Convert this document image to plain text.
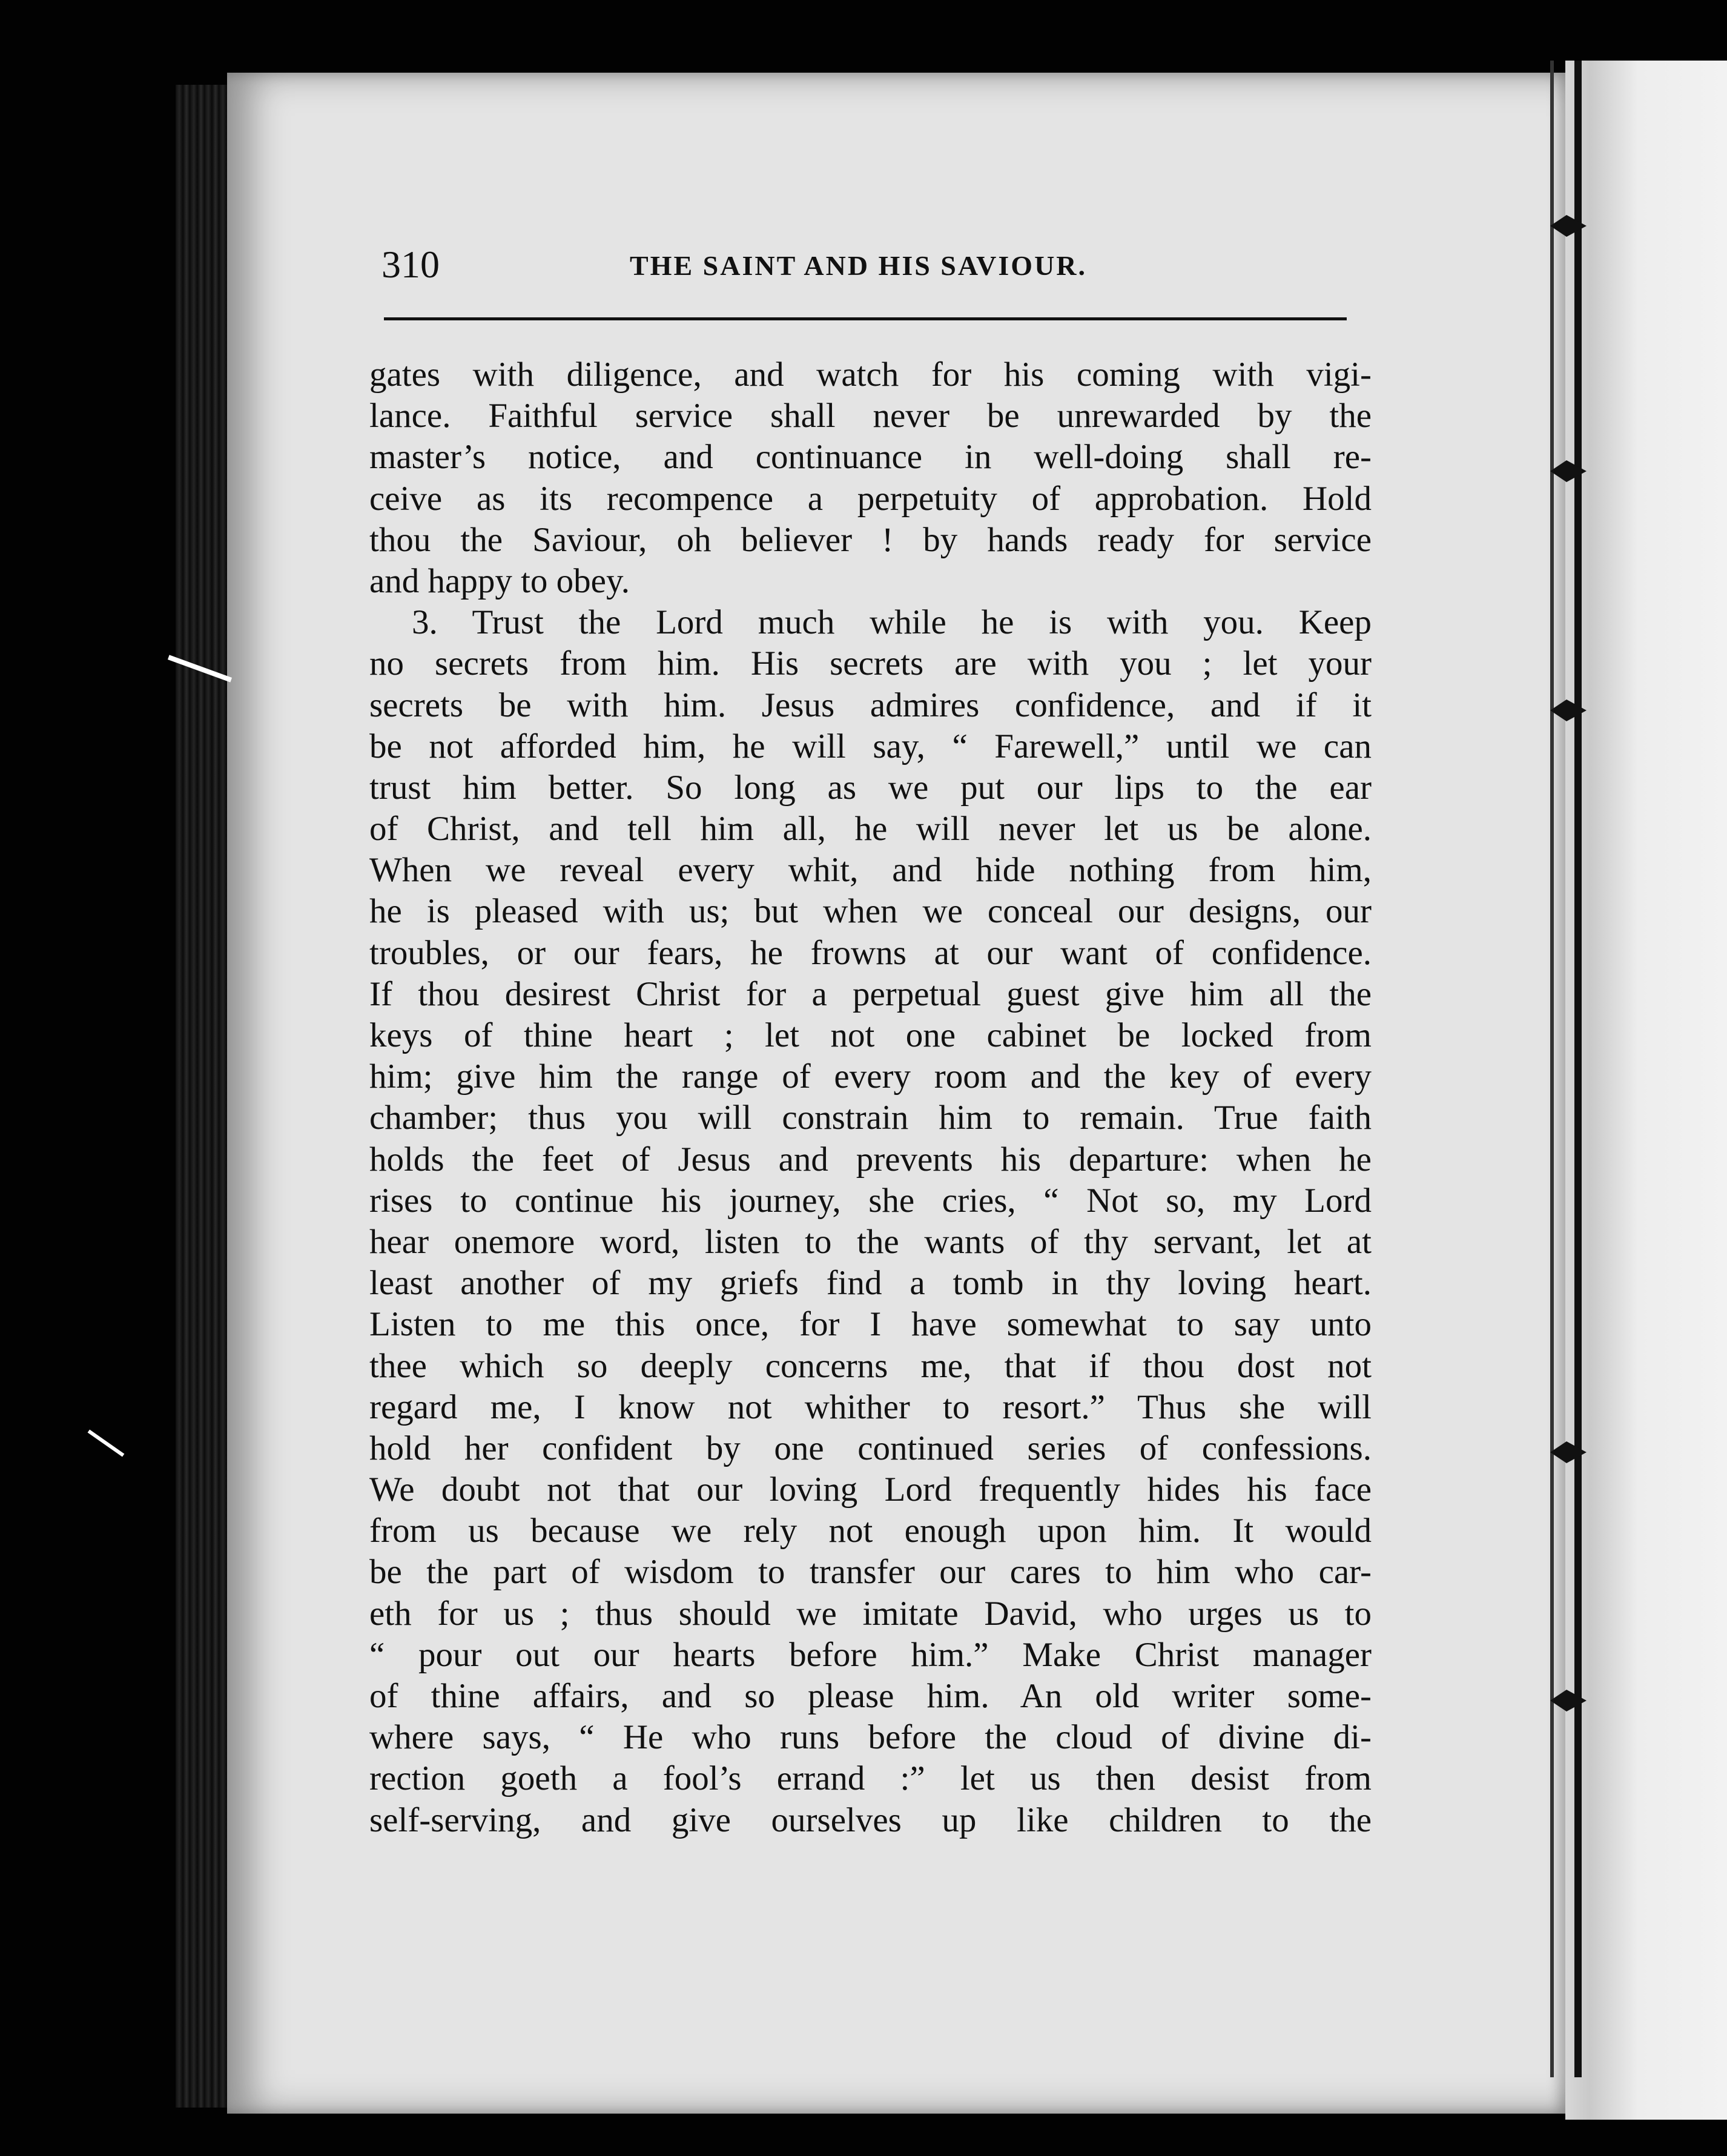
310	THE SAINT AND HIS SAVIOUR.
gates with diligence, and watch for his coming with vigi-
lance. Faithful service shall never be unrewarded by the
master’s notice, and continuance in well-doing shall re-
ceive as its recompence a perpetuity of approbation. Hold
thou the Saviour, oh believer ! by hands ready for service
and happy to obey.
3. Trust the Lord much while he is with you. Keep
no secrets from him. His secrets are with you ; let your
secrets be with him. Jesus admires confidence, and if it
be not afforded him, he will say, “ Farewell,” until we can
trust him better. So long as we put our lips to the ear
of Christ, and tell him all, he will never let us be alone.
When we reveal every whit, and hide nothing from him,
he is pleased with us; but when we conceal our designs, our
troubles, or our fears, he frowns at our want of confidence.
If thou desirest Christ for a perpetual guest give him all the
keys of thine heart ; let not one cabinet be locked from
him; give him the range of every room and the key of every
chamber; thus you will constrain him to remain. True faith
holds the feet of Jesus and prevents his departure: when he
rises to continue his journey, she cries, “ Not so, my Lord
hear onemore word, listen to the wants of thy servant, let at
least another of my griefs find a tomb in thy loving heart.
Listen to me this once, for I have somewhat to say unto
thee which so deeply concerns me, that if thou dost not
regard me, I know not whither to resort.” Thus she will
hold her confident by one continued series of confessions.
We doubt not that our loving Lord frequently hides his face
from us because we rely not enough upon him. It would
be the part of wisdom to transfer our cares to him who car-
eth for us ; thus should we imitate David, who urges us to
“ pour out our hearts before him.” Make Christ manager
of thine affairs, and so please him. An old writer some-
where says, “ He who runs before the cloud of divine di-
rection goeth a fool’s errand :” let us then desist from
self-serving, and give ourselves up like children to the
